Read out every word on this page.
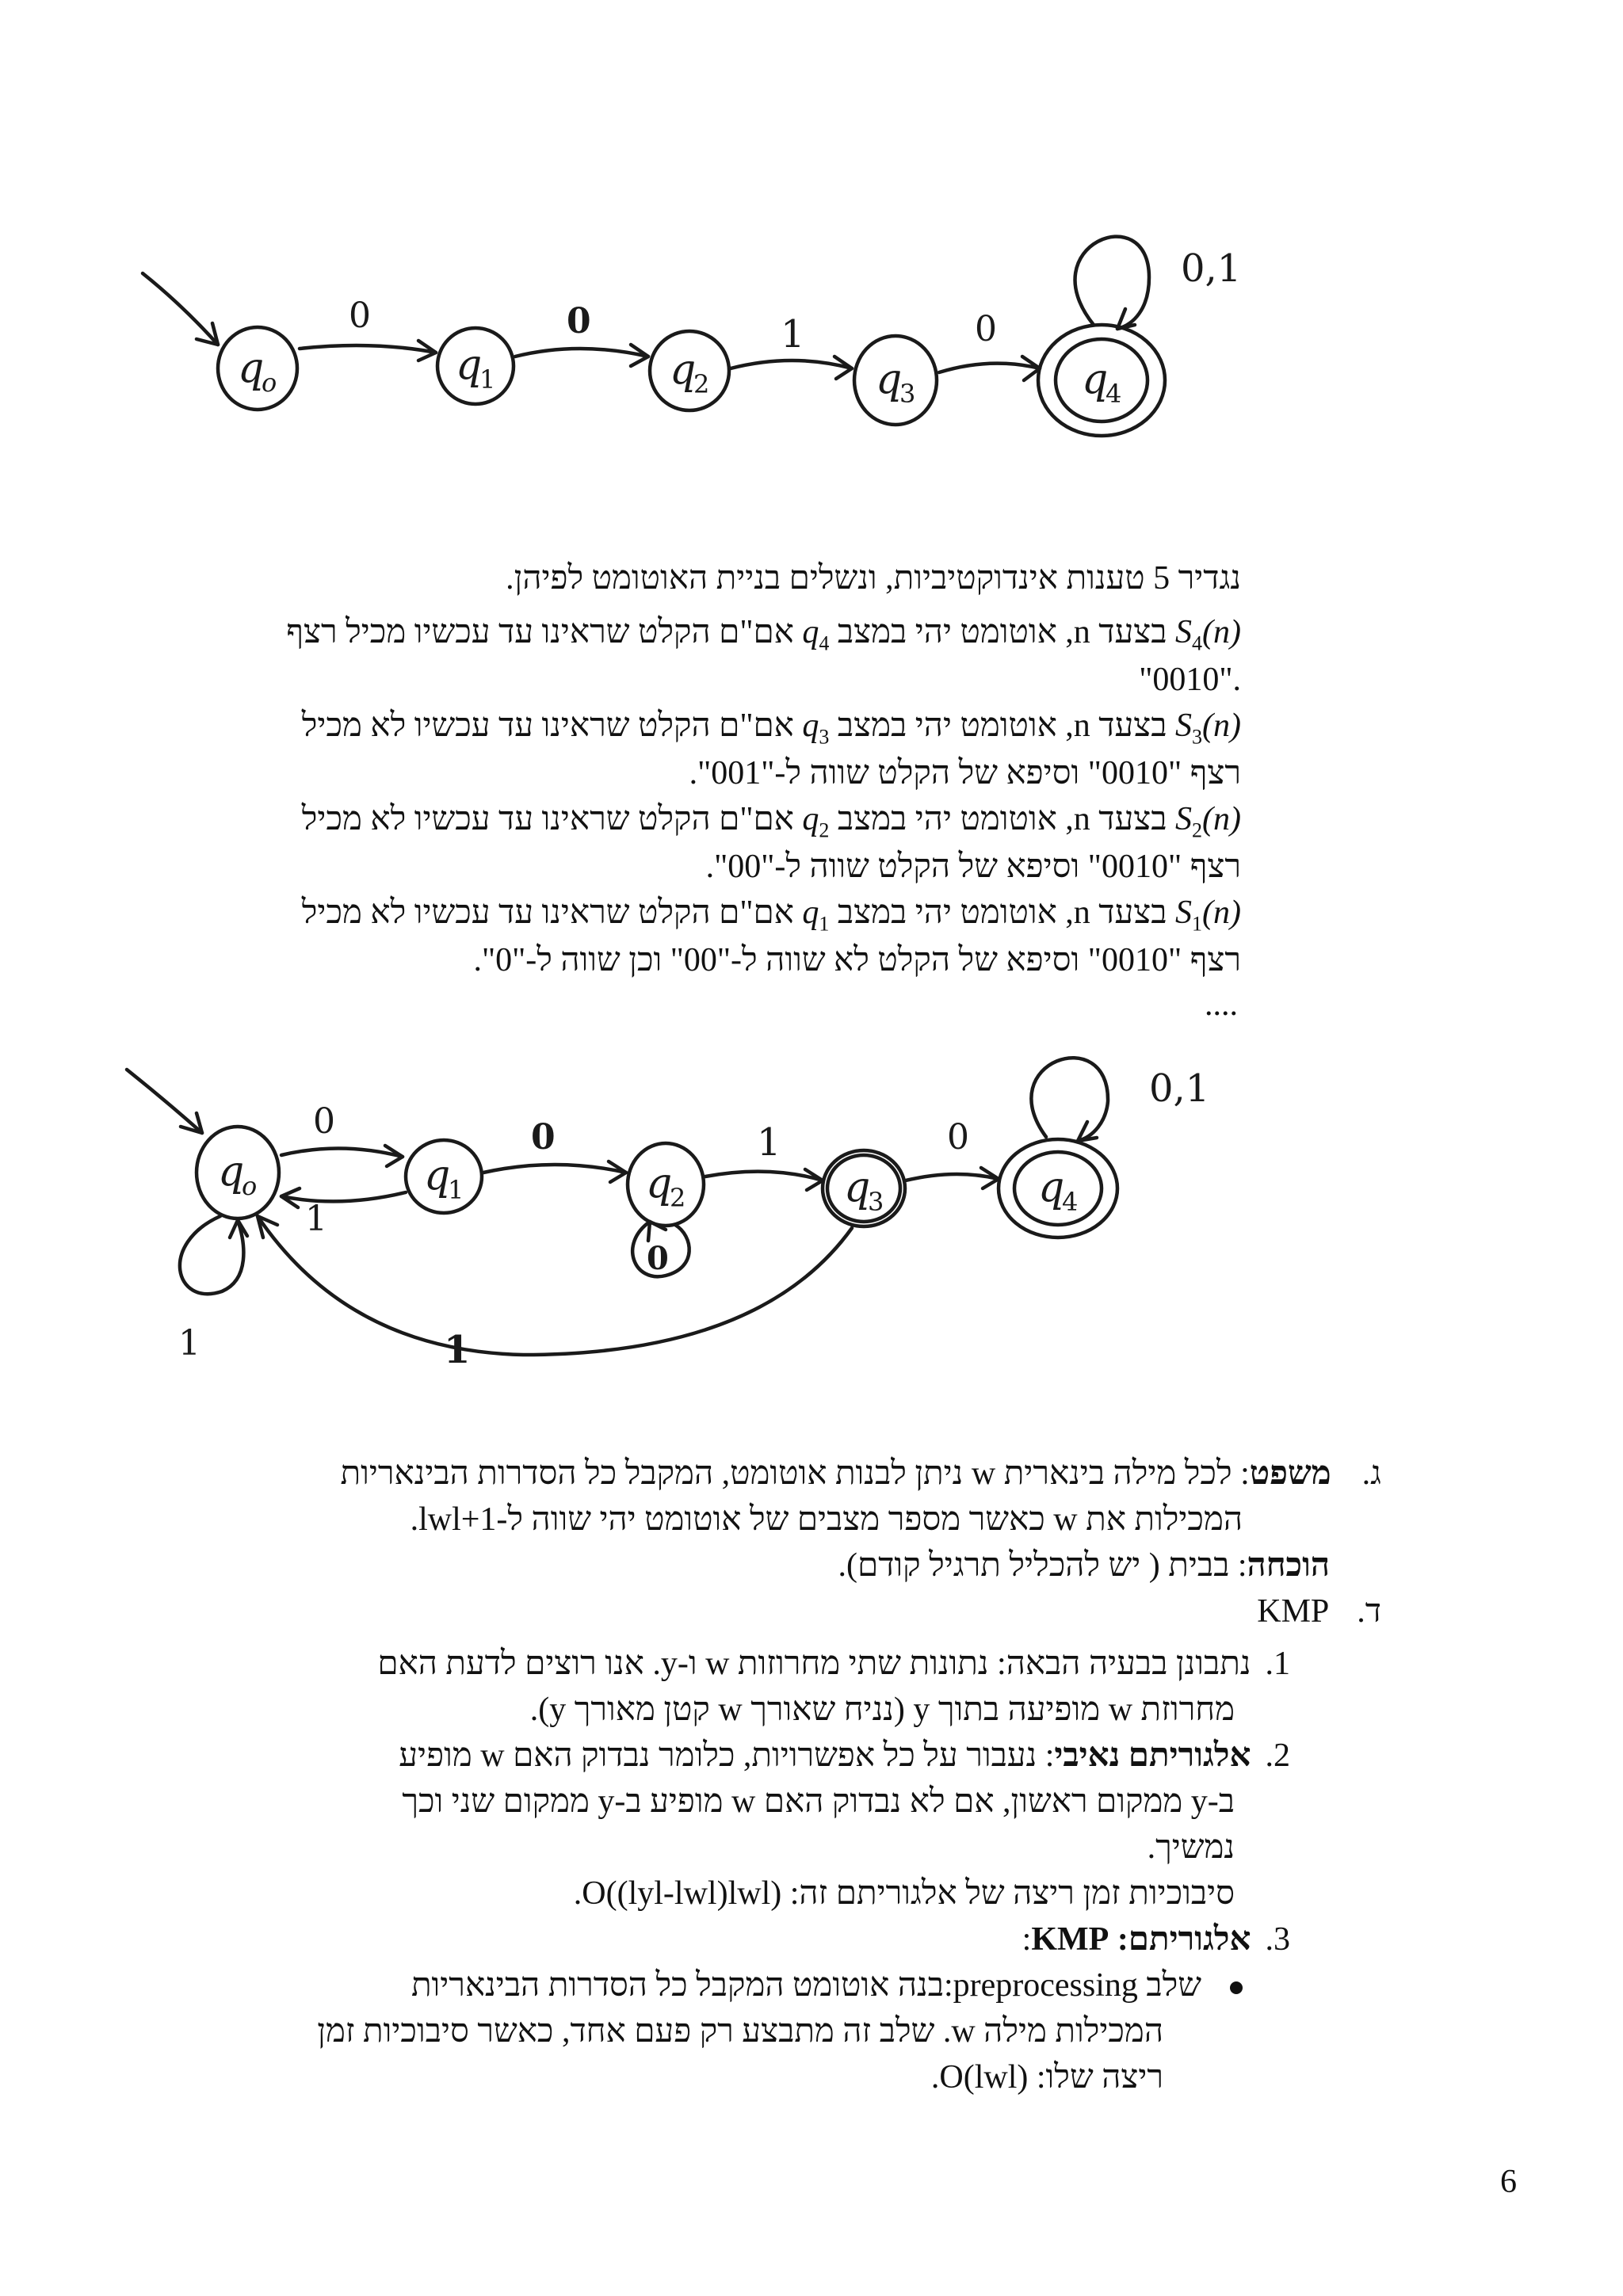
q
o	q
1	q
2	q
3	q
4
0	0	1	0
0,1
נגדיר 5 טענות אינדוקטיביות, ונשלים בניית האוטומט לפיהן.
$S_4(n)$ בצעד n, אוטומט יהי במצב $q_4$ אם"ם הקלט שראינו עד עכשיו מכיל רצף
."0010"
$S_3(n)$ בצעד n, אוטומט יהי במצב $q_3$ אם"ם הקלט שראינו עד עכשיו לא מכיל
רצף "0010" וסיפא של הקלט שווה ל-"001".
$S_2(n)$ בצעד n, אוטומט יהי במצב $q_2$ אם"ם הקלט שראינו עד עכשיו לא מכיל
רצף "0010" וסיפא של הקלט שווה ל-"00".
$S_1(n)$ בצעד n, אוטומט יהי במצב $q_1$ אם"ם הקלט שראינו עד עכשיו לא מכיל
רצף "0010" וסיפא של הקלט לא שווה ל-"00" וכן שווה ל-"0".
....
q
o	q
1	q
2	q
3	q
4
0
1
0	1	0
0
1	1
0,1
ג.  משפט: לכל מילה בינארית w ניתן לבנות אוטומט, המקבל כל הסדרות הבינאריות
המכילות את w כאשר מספר מצבים של אוטומט יהי שווה ל-lwl+1.
הוכחה: בבית ( יש להכליל תרגיל קודם).
ד.  KMP
1.נתבונן בבעיה הבאה: נתונות שתי מחרוזות w ו-y. אנו רוצים לדעת האם
מחרוזת w מופיעה בתוך y (נניח שאורך w קטן מאורך y).
2.אלגוריתם נאיבי: נעבור על כל אפשרויות, כלומר נבדוק האם w מופיע
ב-y ממקום ראשון, אם לא נבדוק האם w מופיע ב-y ממקום שני וכך
נמשיך.
סיבוכיות זמן ריצה של אלגוריתם זה: O((lyl-lwl)lwl).
3.אלגוריתם: KMP:
שלב preprocessing:בנה אוטומט המקבל כל הסדרות הבינאריות
המכילות מילה w. שלב זה מתבצע רק פעם אחד, כאשר סיבוכיות זמן
ריצה שלו: O(lwl).
6
